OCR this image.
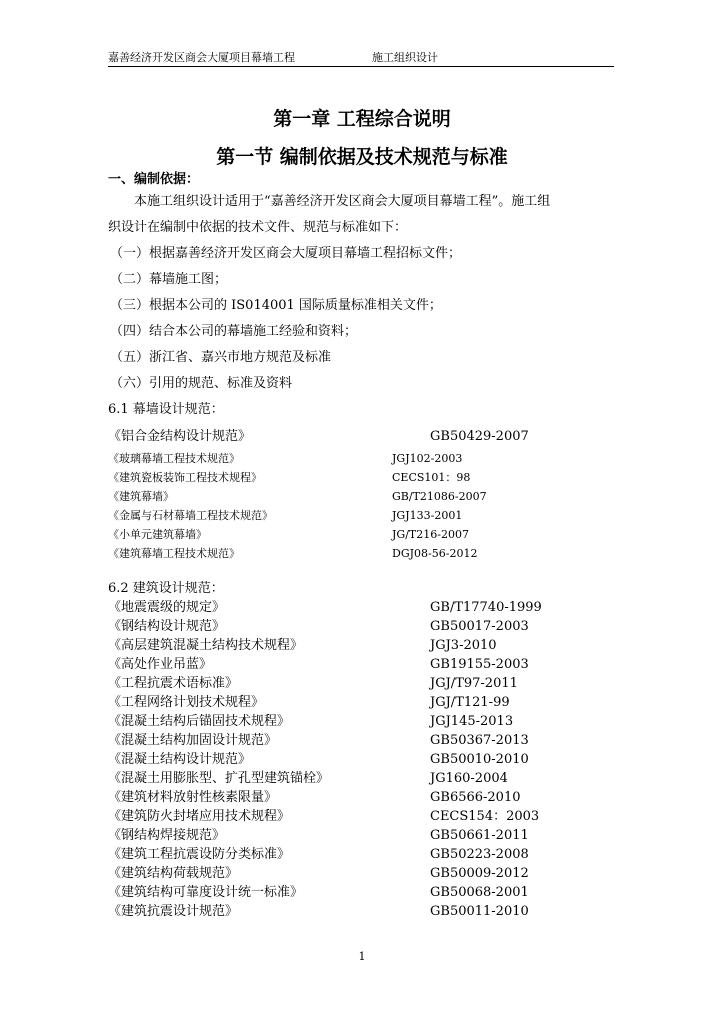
嘉善经济开发区商会大厦项目幕墙工程	施工组织设计
第一章 工程综合说明
第一节 编制依据及技术规范与标准
一、编制依据：
本施工组织设计适用于“嘉善经济开发区商会大厦项目幕墙工程”。施工组
织设计在编制中依据的技术文件、规范与标准如下：
（一）根据嘉善经济开发区商会大厦项目幕墙工程招标文件；
（二）幕墙施工图；
（三）根据本公司的 IS014001 国际质量标准相关文件；
（四）结合本公司的幕墙施工经验和资料；
（五）浙江省、嘉兴市地方规范及标准
（六）引用的规范、标准及资料
6.1 幕墙设计规范：
《铝合金结构设计规范》	GB50429-2007
《玻璃幕墙工程技术规范》	JGJ102-2003
《建筑瓷板装饰工程技术规程》	CECS101：98
《建筑幕墙》	GB/T21086-2007
《金属与石材幕墙工程技术规范》	JGJ133-2001
《小单元建筑幕墙》	JG/T216-2007
《建筑幕墙工程技术规范》	DGJ08-56-2012
6.2 建筑设计规范：
《地震震级的规定》	GB/T17740-1999
《钢结构设计规范》	GB50017-2003
《高层建筑混凝土结构技术规程》	JGJ3-2010
《高处作业吊蓝》	GB19155-2003
《工程抗震术语标准》	JGJ/T97-2011
《工程网络计划技术规程》	JGJ/T121-99
《混凝土结构后锚固技术规程》	JGJ145-2013
《混凝土结构加固设计规范》	GB50367-2013
《混凝土结构设计规范》	GB50010-2010
《混凝土用膨胀型、扩孔型建筑锚栓》	JG160-2004
《建筑材料放射性核素限量》	GB6566-2010
《建筑防火封堵应用技术规程》	CECS154：2003
《钢结构焊接规范》	GB50661-2011
《建筑工程抗震设防分类标准》	GB50223-2008
《建筑结构荷载规范》	GB50009-2012
《建筑结构可靠度设计统一标准》	GB50068-2001
《建筑抗震设计规范》	GB50011-2010
1
